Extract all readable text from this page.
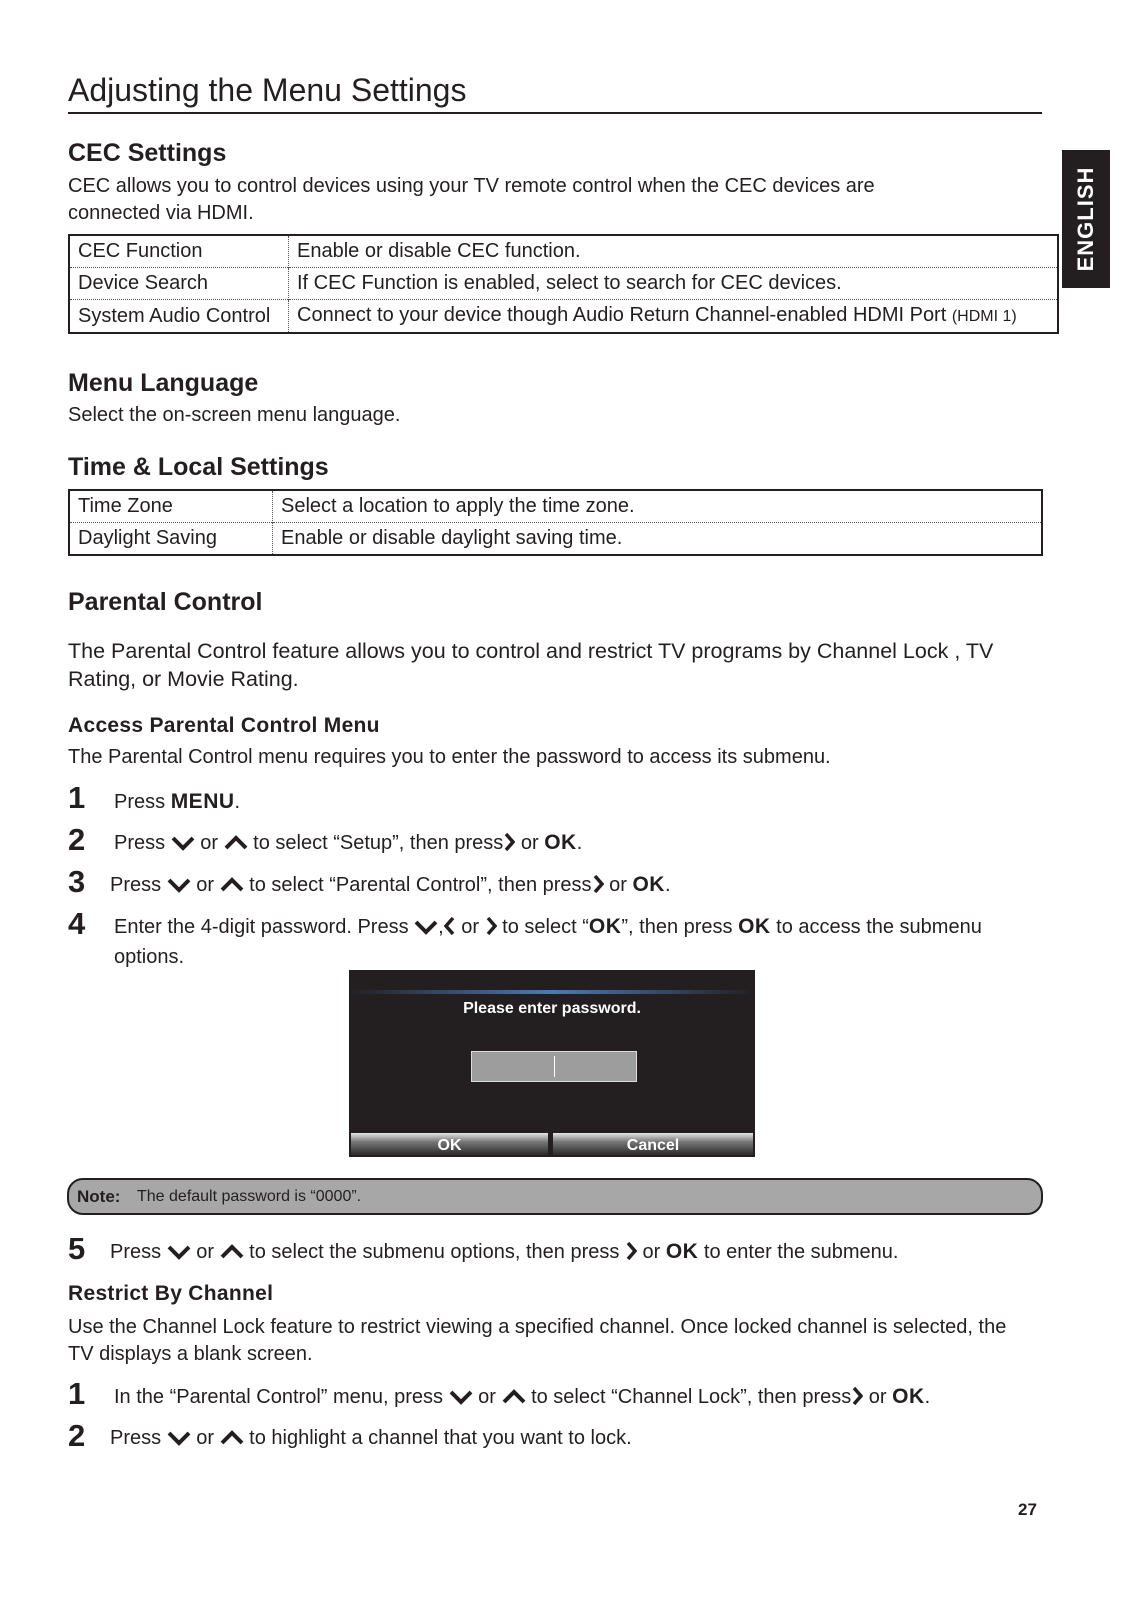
Adjusting the Menu Settings
ENGLISH
CEC Settings

CEC allows you to control devices using your TV remote control when the CEC devices are

connected via HDMI.

CEC Function	Enable or disable CEC function.
Device Search	If CEC Function is enabled, select to search for CEC devices.
System Audio Control	Connect to your device though Audio Return Channel-enabled HDMI Port (HDMI 1)
Menu Language

Select the on-screen menu language.

Time & Local Settings
Time Zone	Select a location to apply the time zone.
Daylight Saving	Enable or disable daylight saving time.
Parental Control

The Parental Control feature allows you to control and restrict TV programs by Channel Lock , TV

Rating, or Movie Rating.

Access Parental Control Menu

The Parental Control menu requires you to enter the password to access its submenu.

1 Press MENU.
2 Press  or  to select “Setup”, then press or OK.
3 Press  or  to select “Parental Control”, then press or OK.
4 Enter the 4-digit password. Press , or  to select “OK”, then press OK to access the submenu
options.
Please enter password.
OK	Cancel
Note: The default password is “0000”.
5 Press  or  to select the submenu options, then press  or OK to enter the submenu.
Restrict By Channel

Use the Channel Lock feature to restrict viewing a specified channel. Once locked channel is selected, the

TV displays a blank screen.

1 In the “Parental Control” menu, press  or  to select “Channel Lock”, then press or OK.
2 Press  or  to highlight a channel that you want to lock.
27
